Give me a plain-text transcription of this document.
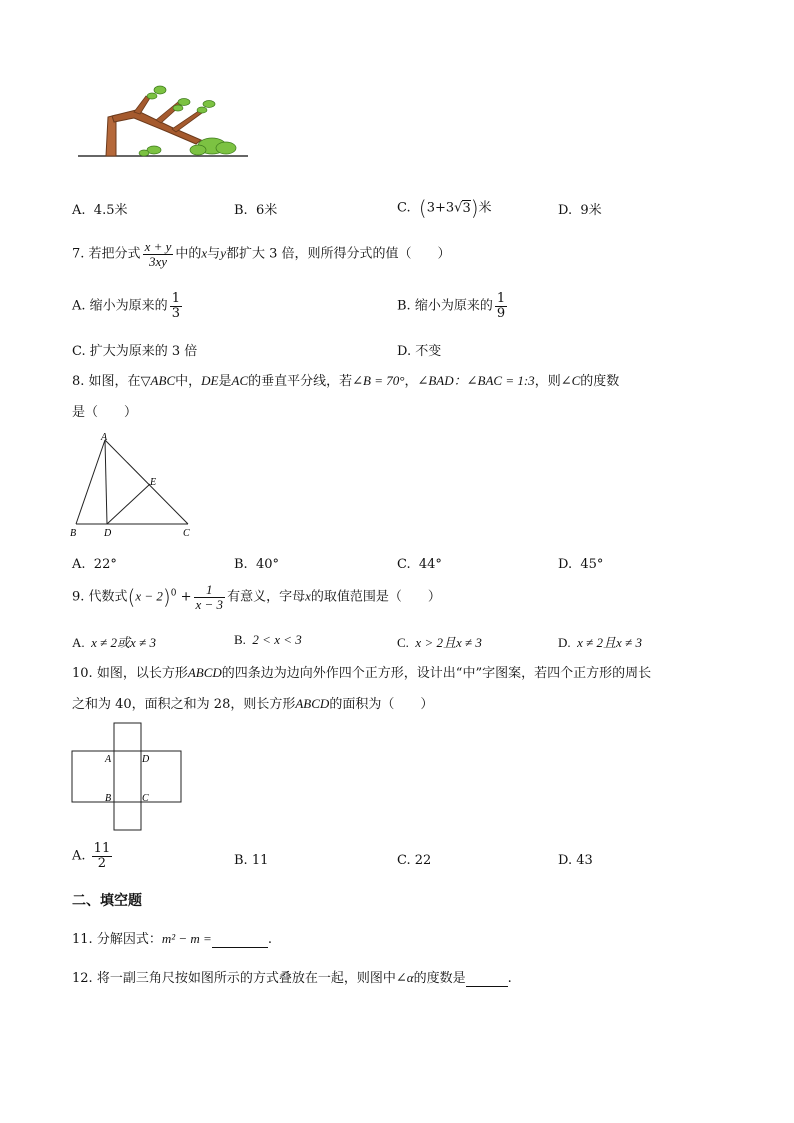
A. 4.5米	B. 6米	C. (3+3√3)米	D. 9米
7. 若把分式 $\frac{x + y}{3xy}$ 中的x与y都扩大 3 倍，则所得分式的值（　　）
A. 缩小为原来的 $\frac{1}{3}$	B. 缩小为原来的 $\frac{1}{9}$
C. 扩大为原来的 3 倍	D. 不变
8. 如图，在▽ABC中，DE是AC的垂直平分线，若∠B = 70°，∠BAD：∠BAC = 1:3，则∠C的度数
是（　　）
A
B	C
D
E
A. 22°	B. 40°	C. 44°	D. 45°
9. 代数式$(x - 2)^0 + \frac{1}{x - 3}$ 有意义，字母x的取值范围是（　　）
A. x ≠ 2或x ≠ 3	B. 2 < x < 3	C. x > 2且x ≠ 3	D. x ≠ 2且x ≠ 3
10. 如图，以长方形ABCD的四条边为边向外作四个正方形，设计出“中”字图案，若四个正方形的周长
之和为 40，面积之和为 28，则长方形ABCD的面积为（　　）
A	D
B	C
A. $\frac{11}{2}$	B. 11	C. 22	D. 43
二、填空题
11. 分解因式：m² − m =	.
12. 将一副三角尺按如图所示的方式叠放在一起，则图中∠α的度数是	.
